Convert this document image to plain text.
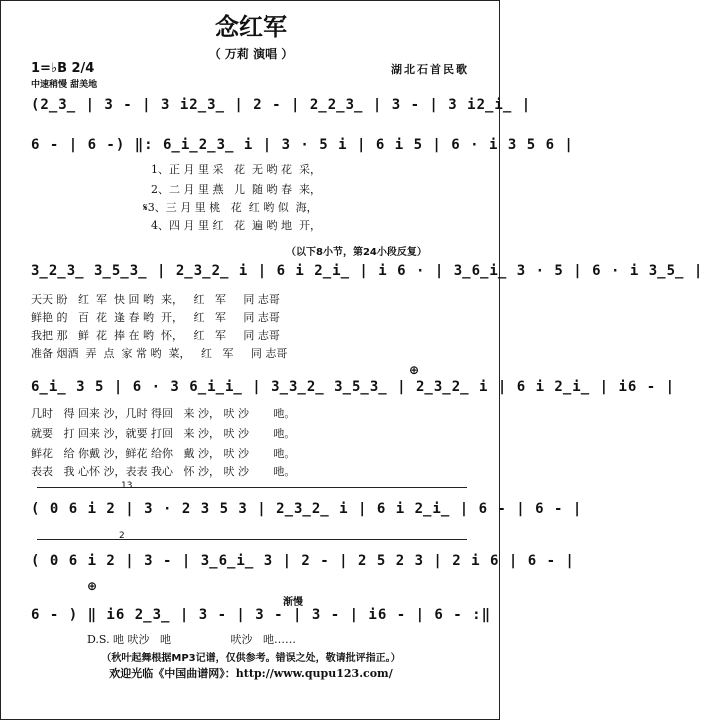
念红军
（ 万莉 演唱 ）
1=♭B 2/4	湖北石首民歌
中速稍慢 甜美地
(2̲3̲ | 3 - | 3 i2̲3̲ | 2 - | 2̲2̲3̲ | 3 - | 3 i2̲i̲ |
6 - | 6 -) ‖: 6̲i̲2̲3̲ i | 3 · 5 i | 6 i 5 | 6 · i 3 5 6 |
1、正 月 里 采   花  无 哟 花  采，
2、二 月 里 燕   儿  随 哟 春  来，
𝄋3、三 月 里 桃   花  红 哟 似  海，
4、四 月 里 红   花  遍 哟 地  开，
（以下8小节，第24小段反复）
3̲2̲3̲ 3̲5̲3̲ | 2̲3̲2̲ i | 6 i 2̲i̲ | i 6 · | 3̲6̲i̲ 3 · 5 | 6 · i 3̲5̲ |
天天 盼   红  军  快 回 哟  来，   红   军     同 志哥
鲜艳 的   百  花  逢 春 哟  开，   红   军     同 志哥
我把 那   鲜  花  捧 在 哟  怀，   红   军     同 志哥
准备 烟酒  弄  点  家 常 哟  菜，   红   军     同 志哥
⊕
6̲i̲ 3 5 | 6 · 3 6̲i̲i̲ | 3̲3̲2̲ 3̲5̲3̲ | 2̲3̲2̲ i | 6 i 2̲i̲ | i6 - |
几时   得 回来 沙，几时 得回   来 沙， 吠 沙       吔。
就要   打 回来 沙，就要 打回   来 沙， 吠 沙       吔。
鲜花   给 你戴 沙，鲜花 给你   戴 沙， 吠 沙       吔。
表表   我 心怀 沙，表表 我心   怀 沙， 吠 沙       吔。
13
( 0 6 i 2 | 3 · 2 3 5 3 | 2̲3̲2̲ i | 6 i 2̲i̲ | 6 - | 6 - |
2
( 0 6 i 2 | 3 - | 3̲6̲i̲ 3 | 2 - | 2 5 2 3 | 2 i 6 | 6 - |
⊕
渐慢
6 - ) ‖ i6 2̲3̲ | 3 - | 3 - | 3 - | i6 - | 6 - :‖
D.S. 吔 吠沙   吔                 吠沙   吔……
（秋叶起舞根据MP3记谱，仅供参考。错误之处，敬请批评指正。）
欢迎光临《中国曲谱网》：http://www.qupu123.com/
